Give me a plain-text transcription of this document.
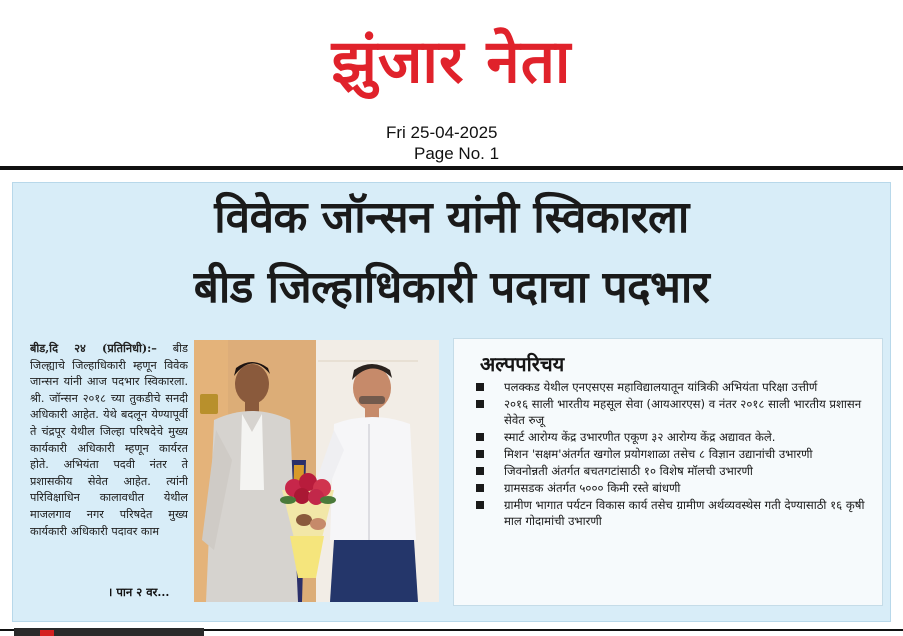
झुंजार नेता
Fri 25-04-2025
Page No. 1
विवेक जॉन्सन यांनी स्विकारला
बीड जिल्हाधिकारी पदाचा पदभार
बीड,दि २४ (प्रतिनिधी):– बीड जिल्ह्याचे जिल्हाधिकारी म्हणून विवेक जान्सन यांनी आज पदभार स्विकारला. श्री. जॉन्सन २०१८ च्या तुकडीचे सनदी अधिकारी आहेत. येथे बदलून येण्यापूर्वी ते चंद्रपूर येथील जिल्हा परिषदेचे मुख्य कार्यकारी अधिकारी म्हणून कार्यरत होते. अभियंता पदवी नंतर ते प्रशासकीय सेवेत आहेत. त्यांनी परिविक्षाधिन कालावधीत येथील माजलगाव नगर परिषदेत मुख्य कार्यकारी अधिकारी पदावर काम
। पान २ वर...
अल्पपरिचय
पलक्कड येथील एनएसएस महाविद्यालयातून यांत्रिकी अभियंता परिक्षा उत्तीर्ण
२०१६ साली भारतीय महसूल सेवा (आयआरएस) व नंतर २०१८ साली भारतीय प्रशासन सेवेत रुजू
स्मार्ट आरोग्य केंद्र उभारणीत एकूण ३२ आरोग्य केंद्र अद्यावत केले.
मिशन 'सक्षम'अंतर्गत खगोल प्रयोगशाळा तसेच ८ विज्ञान उद्यानांची उभारणी
जिवनोन्नती अंतर्गत बचतगटांसाठी १० विशेष मॉलची उभारणी
ग्रामसडक अंतर्गत ५००० किमी रस्ते बांधणी
ग्रामीण भागात पर्यटन विकास कार्य तसेच ग्रामीण अर्थव्यवस्थेस गती देण्यासाठी १६ कृषी माल गोदामांची उभारणी
